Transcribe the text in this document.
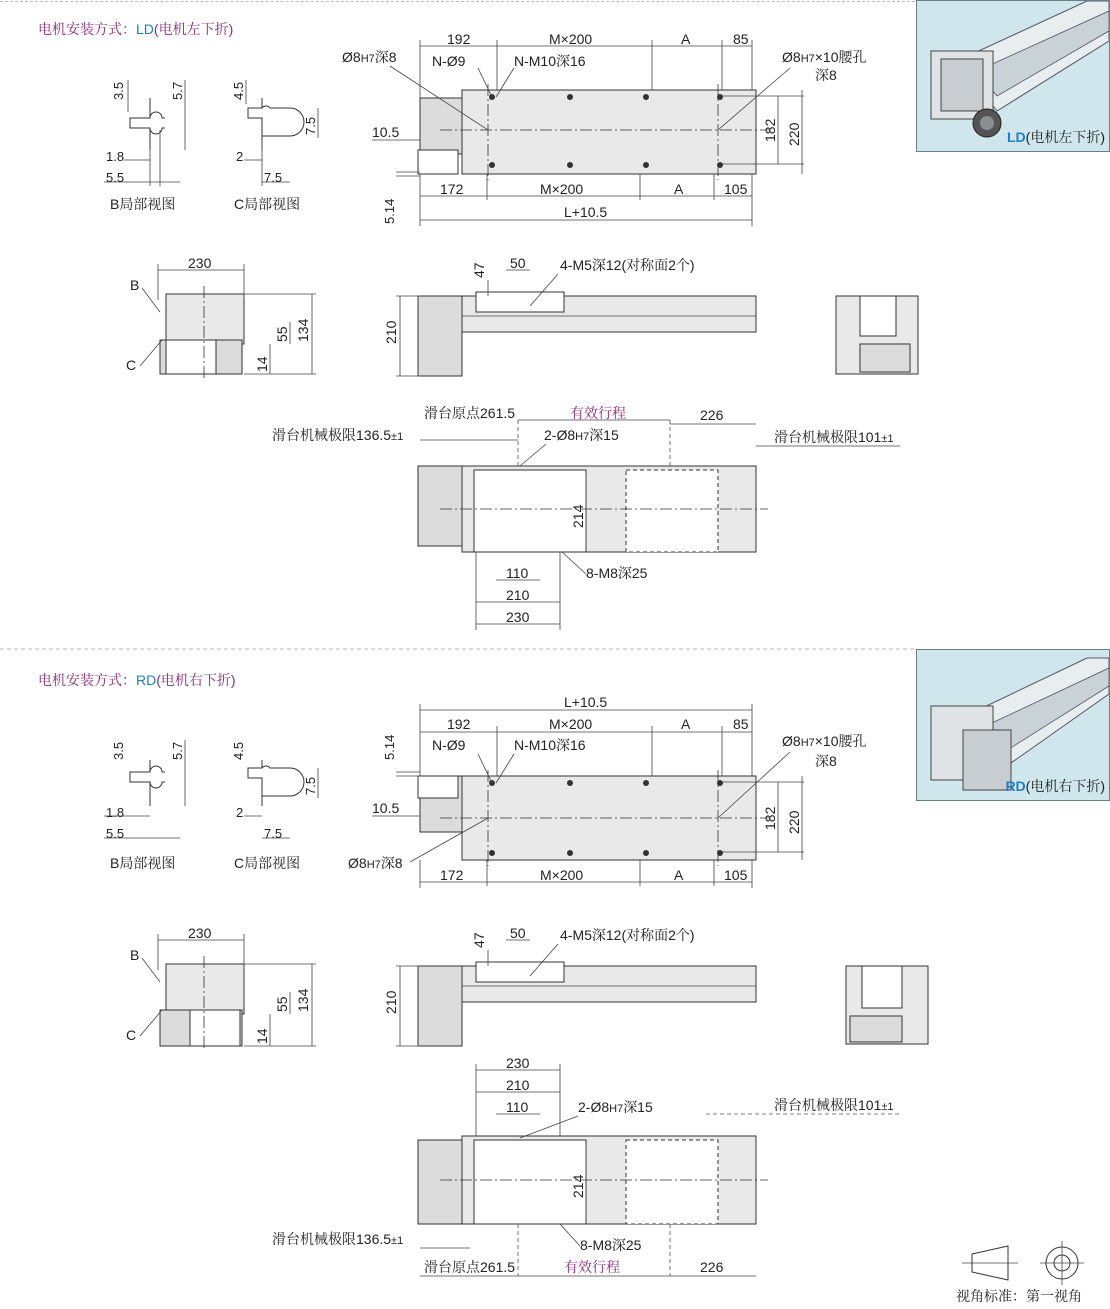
电机安装方式：LD(电机左下折)
LD(电机左下折)
3.5	5.7
1.8
5.5
B局部视图
4.5
7.5
2
7.5
C局部视图
192	M×200	A	85
Ø8H7深8	N-Ø9	N-M10深16	Ø8H7×10腰孔
深8
10.5	182 220
172	M×200	A	105
L+10.5
5.14
230
134
55
14
B
C
210
47 50 4-M5深12(对称面2个)
滑台原点261.5	有效行程	226
滑台机械极限136.5±1	滑台机械极限101±1
2-Ø8H7深15
214
110
210
230
8-M8深25
3.5	5.7
1.8
5.5
B局部视图
4.5
7.5
2
7.5
C局部视图
L+10.5
192	M×200	A	85
N-Ø9	N-M10深16	Ø8H7×10腰孔
深8
5.14
10.5	182 220
Ø8H7深8
172	M×200	A	105
230
134
55
14
B
C
210
47 50 4-M5深12(对称面2个)
230
210
110	2-Ø8H7深15	滑台机械极限101±1
214
8-M8深25
滑台机械极限136.5±1
滑台原点261.5	有效行程	226
电机安装方式：RD(电机右下折)
RD(电机右下折)
视角标准：第一视角
